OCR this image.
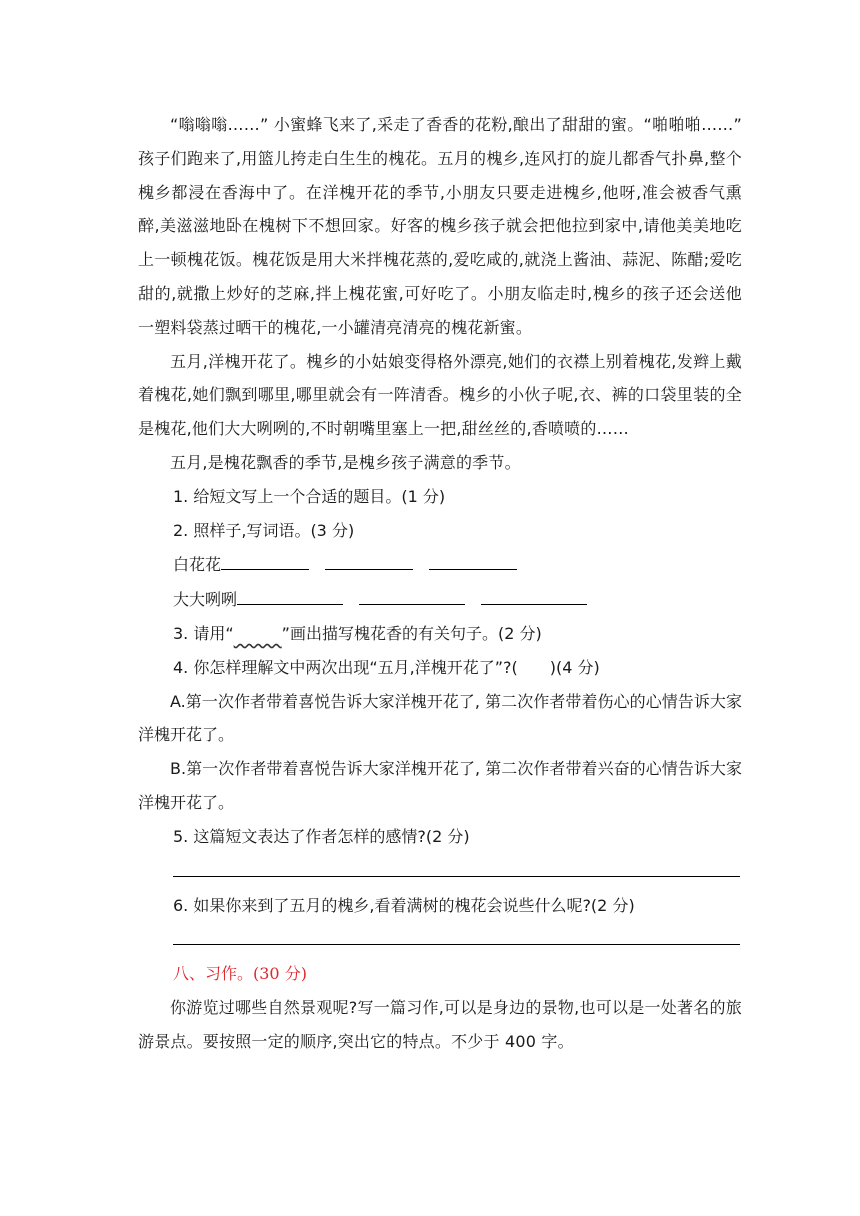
“嗡嗡嗡……” 小蜜蜂飞来了,采走了香香的花粉,酿出了甜甜的蜜。“啪啪啪……” 孩子们跑来了,用篮儿挎走白生生的槐花。五月的槐乡,连风打的旋儿都香气扑鼻,整个槐乡都浸在香海中了。在洋槐开花的季节,小朋友只要走进槐乡,他呀,准会被香气熏醉,美滋滋地卧在槐树下不想回家。好客的槐乡孩子就会把他拉到家中,请他美美地吃上一顿槐花饭。槐花饭是用大米拌槐花蒸的,爱吃咸的,就浇上酱油、蒜泥、陈醋;爱吃甜的,就撒上炒好的芝麻,拌上槐花蜜,可好吃了。小朋友临走时,槐乡的孩子还会送他一塑料袋蒸过晒干的槐花,一小罐清亮清亮的槐花新蜜。

五月,洋槐开花了。槐乡的小姑娘变得格外漂亮,她们的衣襟上别着槐花,发辫上戴着槐花,她们飘到哪里,哪里就会有一阵清香。槐乡的小伙子呢,衣、裤的口袋里装的全是槐花,他们大大咧咧的,不时朝嘴里塞上一把,甜丝丝的,香喷喷的……

五月,是槐花飘香的季节,是槐乡孩子满意的季节。

1. 给短文写上一个合适的题目。(1 分)

2. 照样子,写词语。(3 分)

白花花

大大咧咧

3. 请用“	”画出描写槐花香的有关句子。(2 分)

4. 你怎样理解文中两次出现“五月,洋槐开花了”?(　　)(4 分)

A.第一次作者带着喜悦告诉大家洋槐开花了, 第二次作者带着伤心的心情告诉大家洋槐开花了。

B.第一次作者带着喜悦告诉大家洋槐开花了, 第二次作者带着兴奋的心情告诉大家洋槐开花了。

5. 这篇短文表达了作者怎样的感情?(2 分)

6. 如果你来到了五月的槐乡,看着满树的槐花会说些什么呢?(2 分)

八、习作。(30 分)

你游览过哪些自然景观呢?写一篇习作,可以是身边的景物,也可以是一处著名的旅游景点。要按照一定的顺序,突出它的特点。不少于 400 字。
